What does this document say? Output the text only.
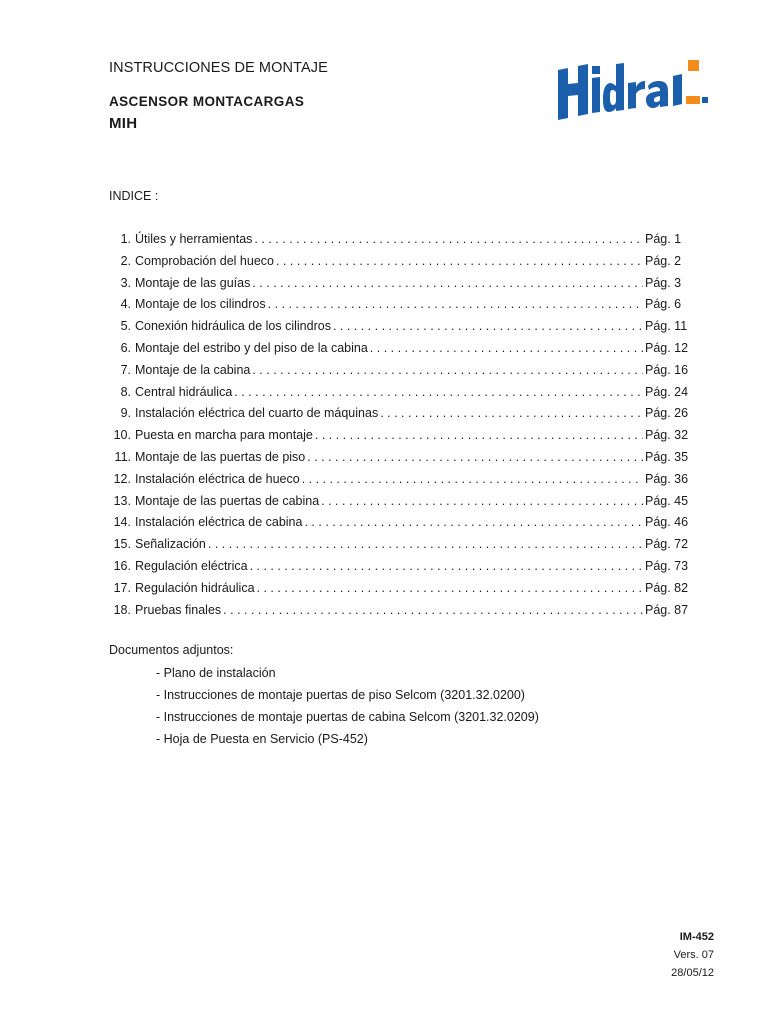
INSTRUCCIONES DE MONTAJE
ASCENSOR MONTACARGAS
MIH
INDICE :
1. Útiles y herramientas . . .	Pág. 1
2. Comprobación del hueco . . .	Pág. 2
3. Montaje de las guías . . .	Pág. 3
4. Montaje de los cilindros . . .	Pág. 6
5. Conexión hidráulica de los cilindros . . .	Pág. 11
6. Montaje del estribo y del piso de la cabina . . .	Pág. 12
7. Montaje de la cabina . . .	Pág. 16
8. Central hidráulica . . .	Pág. 24
9. Instalación eléctrica del cuarto de máquinas . . .	Pág. 26
10. Puesta en marcha para montaje . . .	Pág. 32
11. Montaje de las puertas de piso . . .	Pág. 35
12. Instalación eléctrica de hueco . . .	Pág. 36
13. Montaje de las puertas de cabina . . .	Pág. 45
14. Instalación eléctrica de cabina . . .	Pág. 46
15. Señalización . . .	Pág. 72
16. Regulación eléctrica . . .	Pág. 73
17. Regulación hidráulica . . .	Pág. 82
18. Pruebas finales . . .	Pág. 87
Documentos adjuntos:
- Plano de instalación
- Instrucciones de montaje puertas de piso Selcom (3201.32.0200)
- Instrucciones de montaje puertas de cabina Selcom (3201.32.0209)
- Hoja de Puesta en Servicio (PS-452)
IM-452
Vers. 07
28/05/12
